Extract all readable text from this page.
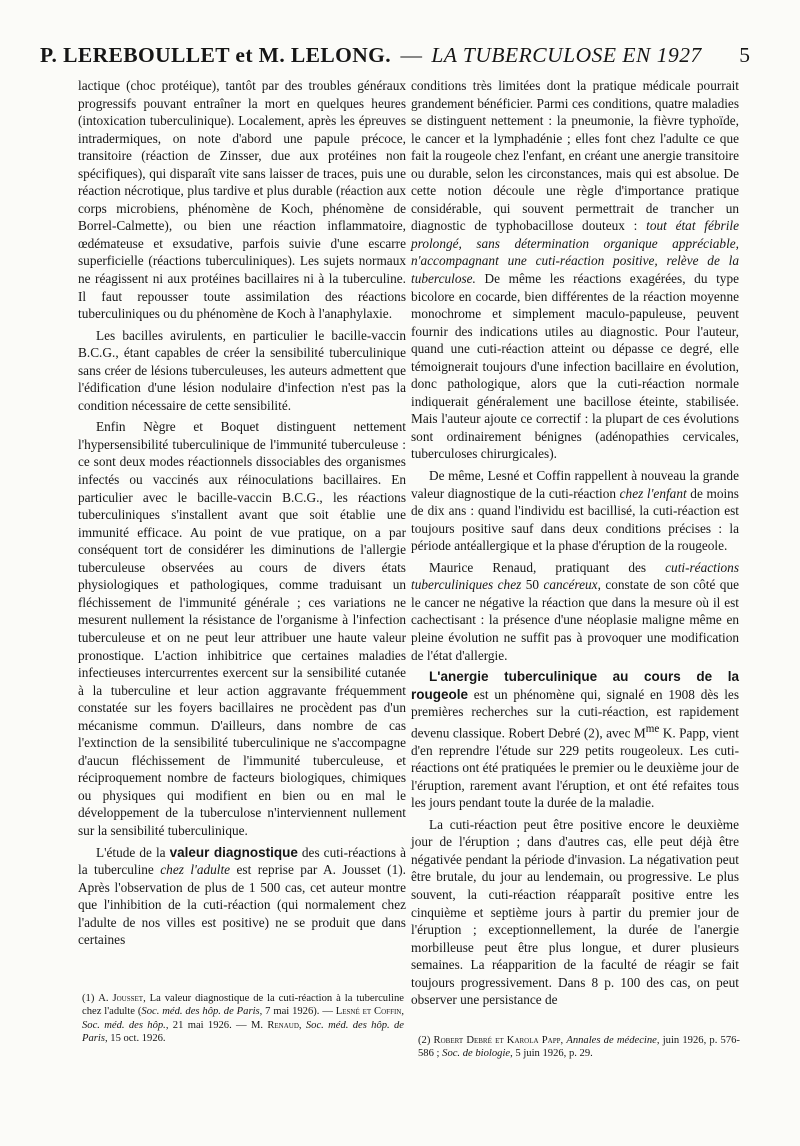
P. LEREBOULLET et M. LELONG. — LA TUBERCULOSE EN 1927 5

lactique (choc protéique), tantôt par des troubles généraux progressifs pouvant entraîner la mort en quelques heures (intoxication tuberculinique). Localement, après les épreuves intradermiques, on note d'abord une papule précoce, transitoire (réaction de Zinsser, due aux protéines non spécifiques), qui disparaît vite sans laisser de traces, puis une réaction nécrotique, plus tardive et plus durable (réaction aux corps microbiens, phénomène de Koch, phénomène de Borrel-Calmette), ou bien une réaction inflammatoire, œdémateuse et exsudative, parfois suivie d'une escarre superficielle (réactions tuberculiniques). Les sujets normaux ne réagissent ni aux protéines bacillaires ni à la tuberculine. Il faut repousser toute assimilation des réactions tuberculiniques ou du phénomène de Koch à l'anaphylaxie.

Les bacilles avirulents, en particulier le bacille-vaccin B.C.G., étant capables de créer la sensibilité tuberculinique sans créer de lésions tuberculeuses, les auteurs admettent que l'édification d'une lésion nodulaire d'infection n'est pas la condition nécessaire de cette sensibilité.

Enfin Nègre et Boquet distinguent nettement l'hypersensibilité tuberculinique de l'immunité tuberculeuse : ce sont deux modes réactionnels dissociables des organismes infectés ou vaccinés aux réinoculations bacillaires. En particulier avec le bacille-vaccin B.C.G., les réactions tuberculiniques s'installent avant que soit établie une immunité efficace. Au point de vue pratique, on a par conséquent tort de considérer les diminutions de l'allergie tuberculeuse observées au cours de divers états physiologiques et pathologiques, comme traduisant un fléchissement de l'immunité générale ; ces variations ne mesurent nullement la résistance de l'organisme à l'infection tuberculeuse et on ne peut leur attribuer une haute valeur pronostique. L'action inhibitrice que certaines maladies infectieuses intercurrentes exercent sur la sensibilité cutanée à la tuberculine et leur action aggravante fréquemment constatée sur les foyers bacillaires ne procèdent pas d'un mécanisme commun. D'ailleurs, dans nombre de cas l'extinction de la sensibilité tuberculinique ne s'accompagne d'aucun fléchissement de l'immunité tuberculeuse, et réciproquement nombre de facteurs biologiques, chimiques ou physiques qui modifient en bien ou en mal le développement de la tuberculose n'interviennent nullement sur la sensibilité tuberculinique.

L'étude de la valeur diagnostique des cuti-réactions à la tuberculine chez l'adulte est reprise par A. Jousset (1). Après l'observation de plus de 1 500 cas, cet auteur montre que l'inhibition de la cuti-réaction (qui normalement chez l'adulte de nos villes est positive) ne se produit que dans certaines

conditions très limitées dont la pratique médicale pourrait grandement bénéficier. Parmi ces conditions, quatre maladies se distinguent nettement : la pneumonie, la fièvre typhoïde, le cancer et la lymphadénie ; elles font chez l'adulte ce que fait la rougeole chez l'enfant, en créant une anergie transitoire ou durable, selon les circonstances, mais qui est absolue. De cette notion découle une règle d'importance pratique considérable, qui souvent permettrait de trancher un diagnostic de typhobacillose douteux : tout état fébrile prolongé, sans détermination organique appréciable, n'accompagnant une cuti-réaction positive, relève de la tuberculose. De même les réactions exagérées, du type bicolore en cocarde, bien différentes de la réaction moyenne monochrome et simplement maculo-papuleuse, peuvent fournir des indications utiles au diagnostic. Pour l'auteur, quand une cuti-réaction atteint ou dépasse ce degré, elle témoignerait toujours d'une infection bacillaire en évolution, donc pathologique, alors que la cuti-réaction normale indiquerait généralement une bacillose éteinte, stabilisée. Mais l'auteur ajoute ce correctif : la plupart de ces évolutions sont ordinairement bénignes (adénopathies cervicales, tuberculoses chirurgicales).

De même, Lesné et Coffin rappellent à nouveau la grande valeur diagnostique de la cuti-réaction chez l'enfant de moins de dix ans : quand l'individu est bacillisé, la cuti-réaction est toujours positive sauf dans deux conditions précises : la période antéallergique et la phase d'éruption de la rougeole.

Maurice Renaud, pratiquant des cuti-réactions tuberculiniques chez 50 cancéreux, constate de son côté que le cancer ne négative la réaction que dans la mesure où il est cachectisant : la présence d'une néoplasie maligne même en pleine évolution ne suffit pas à provoquer une modification de l'état d'allergie.

L'anergie tuberculinique au cours de la rougeole est un phénomène qui, signalé en 1908 dès les premières recherches sur la cuti-réaction, est rapidement devenu classique. Robert Debré (2), avec $M^{me}$ K. Papp, vient d'en reprendre l'étude sur 229 petits rougeoleux. Les cuti-réactions ont été pratiquées le premier ou le deuxième jour de l'éruption, rarement avant l'éruption, et ont été refaites tous les jours pendant toute la durée de la maladie.

La cuti-réaction peut être positive encore le deuxième jour de l'éruption ; dans d'autres cas, elle peut déjà être négativée pendant la période d'invasion. La négativation peut être brutale, du jour au lendemain, ou progressive. Le plus souvent, la cuti-réaction réapparaît positive entre les cinquième et septième jours à partir du premier jour de l'éruption ; exceptionnellement, la durée de l'anergie morbilleuse peut être plus longue, et durer plusieurs semaines. La réapparition de la faculté de réagir se fait toujours progressivement. Dans 8 p. 100 des cas, on peut observer une persistance de

(1) A. Jousset, La valeur diagnostique de la cuti-réaction à la tuberculine chez l'adulte (Soc. méd. des hôp. de Paris, 7 mai 1926). — Lesné et Coffin, Soc. méd. des hôp., 21 mai 1926. — M. Renaud, Soc. méd. des hôp. de Paris, 15 oct. 1926.	(2) Robert Debré et Karola Papp, Annales de médecine, juin 1926, p. 576-586 ; Soc. de biologie, 5 juin 1926, p. 29.
